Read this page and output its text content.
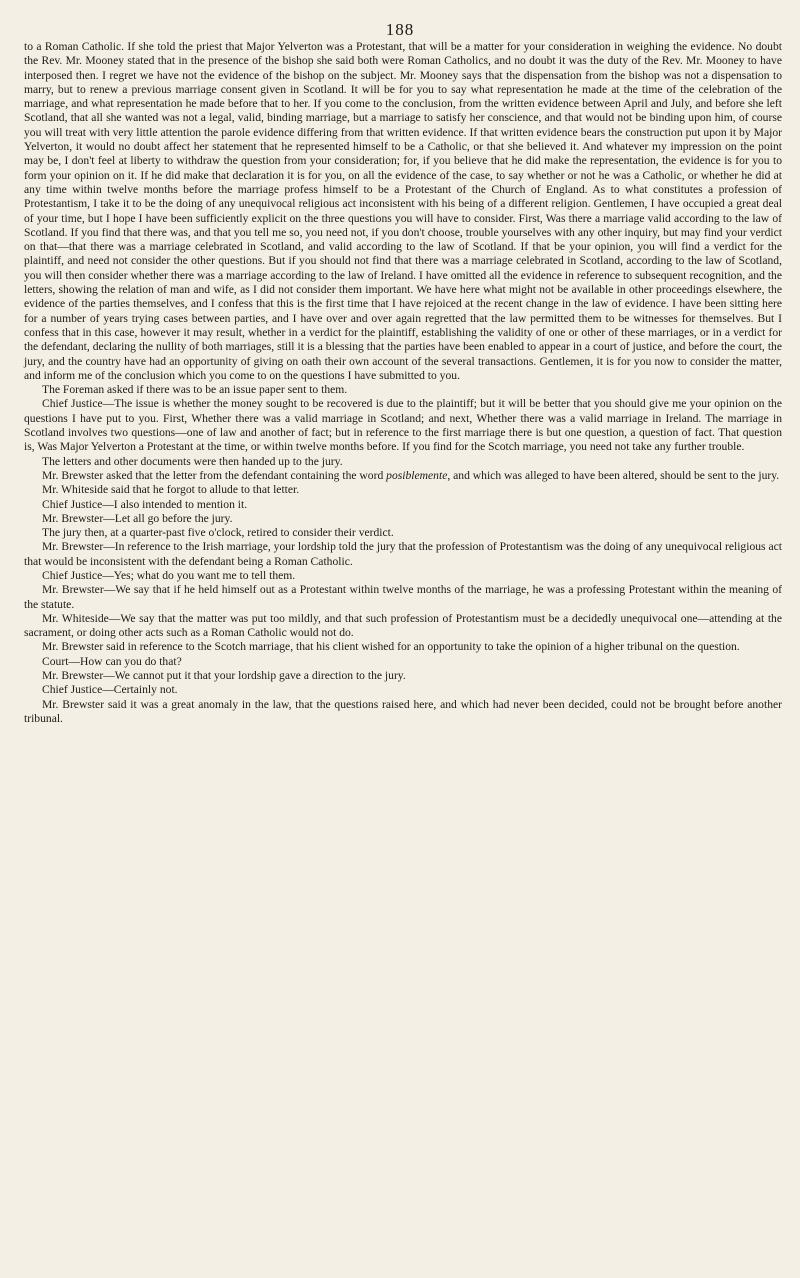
188

to a Roman Catholic. If she told the priest that Major Yelverton was a Protestant, that will be a matter for your consideration in weighing the evidence. No doubt the Rev. Mr. Mooney stated that in the presence of the bishop she said both were Roman Catholics, and no doubt it was the duty of the Rev. Mr. Mooney to have interposed then. I regret we have not the evidence of the bishop on the subject. Mr. Mooney says that the dispensation from the bishop was not a dispensation to marry, but to renew a previous marriage consent given in Scotland. It will be for you to say what representation he made at the time of the celebration of the marriage, and what representation he made before that to her. If you come to the conclusion, from the written evidence between April and July, and before she left Scotland, that all she wanted was not a legal, valid, binding marriage, but a marriage to satisfy her conscience, and that would not be binding upon him, of course you will treat with very little attention the parole evidence differing from that written evidence. If that written evidence bears the construction put upon it by Major Yelverton, it would no doubt affect her statement that he represented himself to be a Catholic, or that she believed it. And whatever my impression on the point may be, I don't feel at liberty to withdraw the question from your consideration; for, if you believe that he did make the representation, the evidence is for you to form your opinion on it. If he did make that declaration it is for you, on all the evidence of the case, to say whether or not he was a Catholic, or whether he did at any time within twelve months before the marriage profess himself to be a Protestant of the Church of England. As to what constitutes a profession of Protestantism, I take it to be the doing of any unequivocal religious act inconsistent with his being of a different religion. Gentlemen, I have occupied a great deal of your time, but I hope I have been sufficiently explicit on the three questions you will have to consider. First, Was there a marriage valid according to the law of Scotland. If you find that there was, and that you tell me so, you need not, if you don't choose, trouble yourselves with any other inquiry, but may find your verdict on that—that there was a marriage celebrated in Scotland, and valid according to the law of Scotland. If that be your opinion, you will find a verdict for the plaintiff, and need not consider the other questions. But if you should not find that there was a marriage celebrated in Scotland, according to the law of Scotland, you will then consider whether there was a marriage according to the law of Ireland. I have omitted all the evidence in reference to subsequent recognition, and the letters, showing the relation of man and wife, as I did not consider them important. We have here what might not be available in other proceedings elsewhere, the evidence of the parties themselves, and I confess that this is the first time that I have rejoiced at the recent change in the law of evidence. I have been sitting here for a number of years trying cases between parties, and I have over and over again regretted that the law permitted them to be witnesses for themselves. But I confess that in this case, however it may result, whether in a verdict for the plaintiff, establishing the validity of one or other of these marriages, or in a verdict for the defendant, declaring the nullity of both marriages, still it is a blessing that the parties have been enabled to appear in a court of justice, and before the court, the jury, and the country have had an opportunity of giving on oath their own account of the several transactions. Gentlemen, it is for you now to consider the matter, and inform me of the conclusion which you come to on the questions I have submitted to you.

The Foreman asked if there was to be an issue paper sent to them.

Chief Justice—The issue is whether the money sought to be recovered is due to the plaintiff; but it will be better that you should give me your opinion on the questions I have put to you. First, Whether there was a valid marriage in Scotland; and next, Whether there was a valid marriage in Ireland. The marriage in Scotland involves two questions—one of law and another of fact; but in reference to the first marriage there is but one question, a question of fact. That question is, Was Major Yelverton a Protestant at the time, or within twelve months before. If you find for the Scotch marriage, you need not take any further trouble.

The letters and other documents were then handed up to the jury.

Mr. Brewster asked that the letter from the defendant containing the word posiblemente, and which was alleged to have been altered, should be sent to the jury.

Mr. Whiteside said that he forgot to allude to that letter.

Chief Justice—I also intended to mention it.

Mr. Brewster—Let all go before the jury.

The jury then, at a quarter-past five o'clock, retired to consider their verdict.

Mr. Brewster—In reference to the Irish marriage, your lordship told the jury that the profession of Protestantism was the doing of any unequivocal religious act that would be inconsistent with the defendant being a Roman Catholic.

Chief Justice—Yes; what do you want me to tell them.

Mr. Brewster—We say that if he held himself out as a Protestant within twelve months of the marriage, he was a professing Protestant within the meaning of the statute.

Mr. Whiteside—We say that the matter was put too mildly, and that such profession of Protestantism must be a decidedly unequivocal one—attending at the sacrament, or doing other acts such as a Roman Catholic would not do.

Mr. Brewster said in reference to the Scotch marriage, that his client wished for an opportunity to take the opinion of a higher tribunal on the question.

Court—How can you do that?

Mr. Brewster—We cannot put it that your lordship gave a direction to the jury.

Chief Justice—Certainly not.

Mr. Brewster said it was a great anomaly in the law, that the questions raised here, and which had never been decided, could not be brought before another tribunal.
